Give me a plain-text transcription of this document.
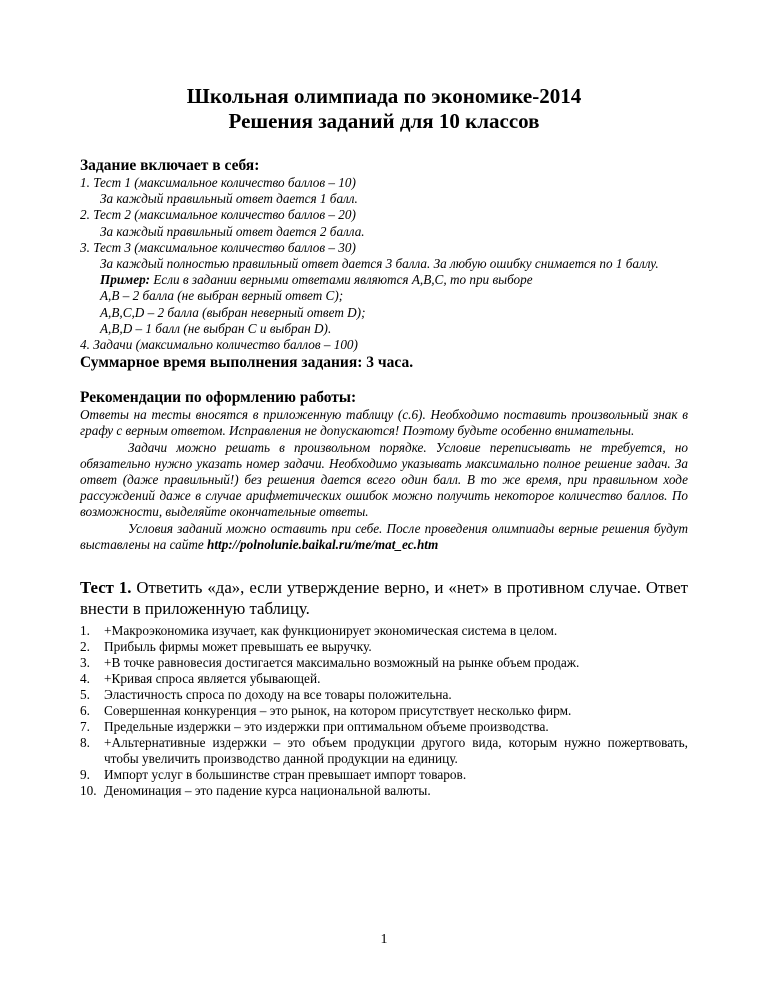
Школьная олимпиада по экономике-2014

Решения заданий для 10 классов

Задание включает в себя:

1. Тест 1 (максимальное количество баллов – 10)

За каждый правильный ответ дается 1 балл.

2. Тест 2 (максимальное количество баллов – 20)

За каждый правильный ответ дается 2 балла.

3. Тест 3 (максимальное количество баллов – 30)

За каждый полностью правильный ответ дается 3 балла. За любую ошибку снимается по 1 баллу.

Пример: Если в задании верными ответами являются А,В,С, то при выборе

А,В – 2 балла (не выбран верный ответ С);

А,В,С,D – 2 балла (выбран неверный ответ D);

А,В,D – 1 балл (не выбран С и выбран D).

4. Задачи (максимально количество баллов – 100)

Суммарное время выполнения задания: 3 часа.

Рекомендации по оформлению работы:

Ответы на тесты вносятся в приложенную таблицу (с.6). Необходимо поставить произвольный знак в графу с верным ответом. Исправления не допускаются! Поэтому будьте особенно внимательны.

Задачи можно решать в произвольном порядке. Условие переписывать не требуется, но обязательно нужно указать номер задачи. Необходимо указывать максимально полное решение задач. За ответ (даже правильный!) без решения дается всего один балл. В то же время, при правильном ходе рассуждений даже в случае арифметических ошибок можно получить некоторое количество баллов. По возможности, выделяйте окончательные ответы.

Условия заданий можно оставить при себе. После проведения олимпиады верные решения будут выставлены на сайте http://polnolunie.baikal.ru/me/mat_ec.htm

Тест 1. Ответить «да», если утверждение верно, и «нет» в противном случае. Ответ внести в приложенную таблицу.

1.	+Макроэкономика изучает, как функционирует экономическая система в целом.
2.	Прибыль фирмы может превышать ее выручку.
3.	+В точке равновесия достигается максимально возможный на рынке объем продаж.
4.	+Кривая спроса является убывающей.
5.	Эластичность спроса по доходу на все товары положительна.
6.	Совершенная конкуренция – это рынок, на котором присутствует несколько фирм.
7.	Предельные издержки – это издержки при оптимальном объеме производства.
8.	+Альтернативные издержки – это объем продукции другого вида, которым нужно пожертвовать, чтобы увеличить производство данной продукции на единицу.
9.	Импорт услуг в большинстве стран превышает импорт товаров.
10. Деноминация – это падение курса национальной валюты.
1
